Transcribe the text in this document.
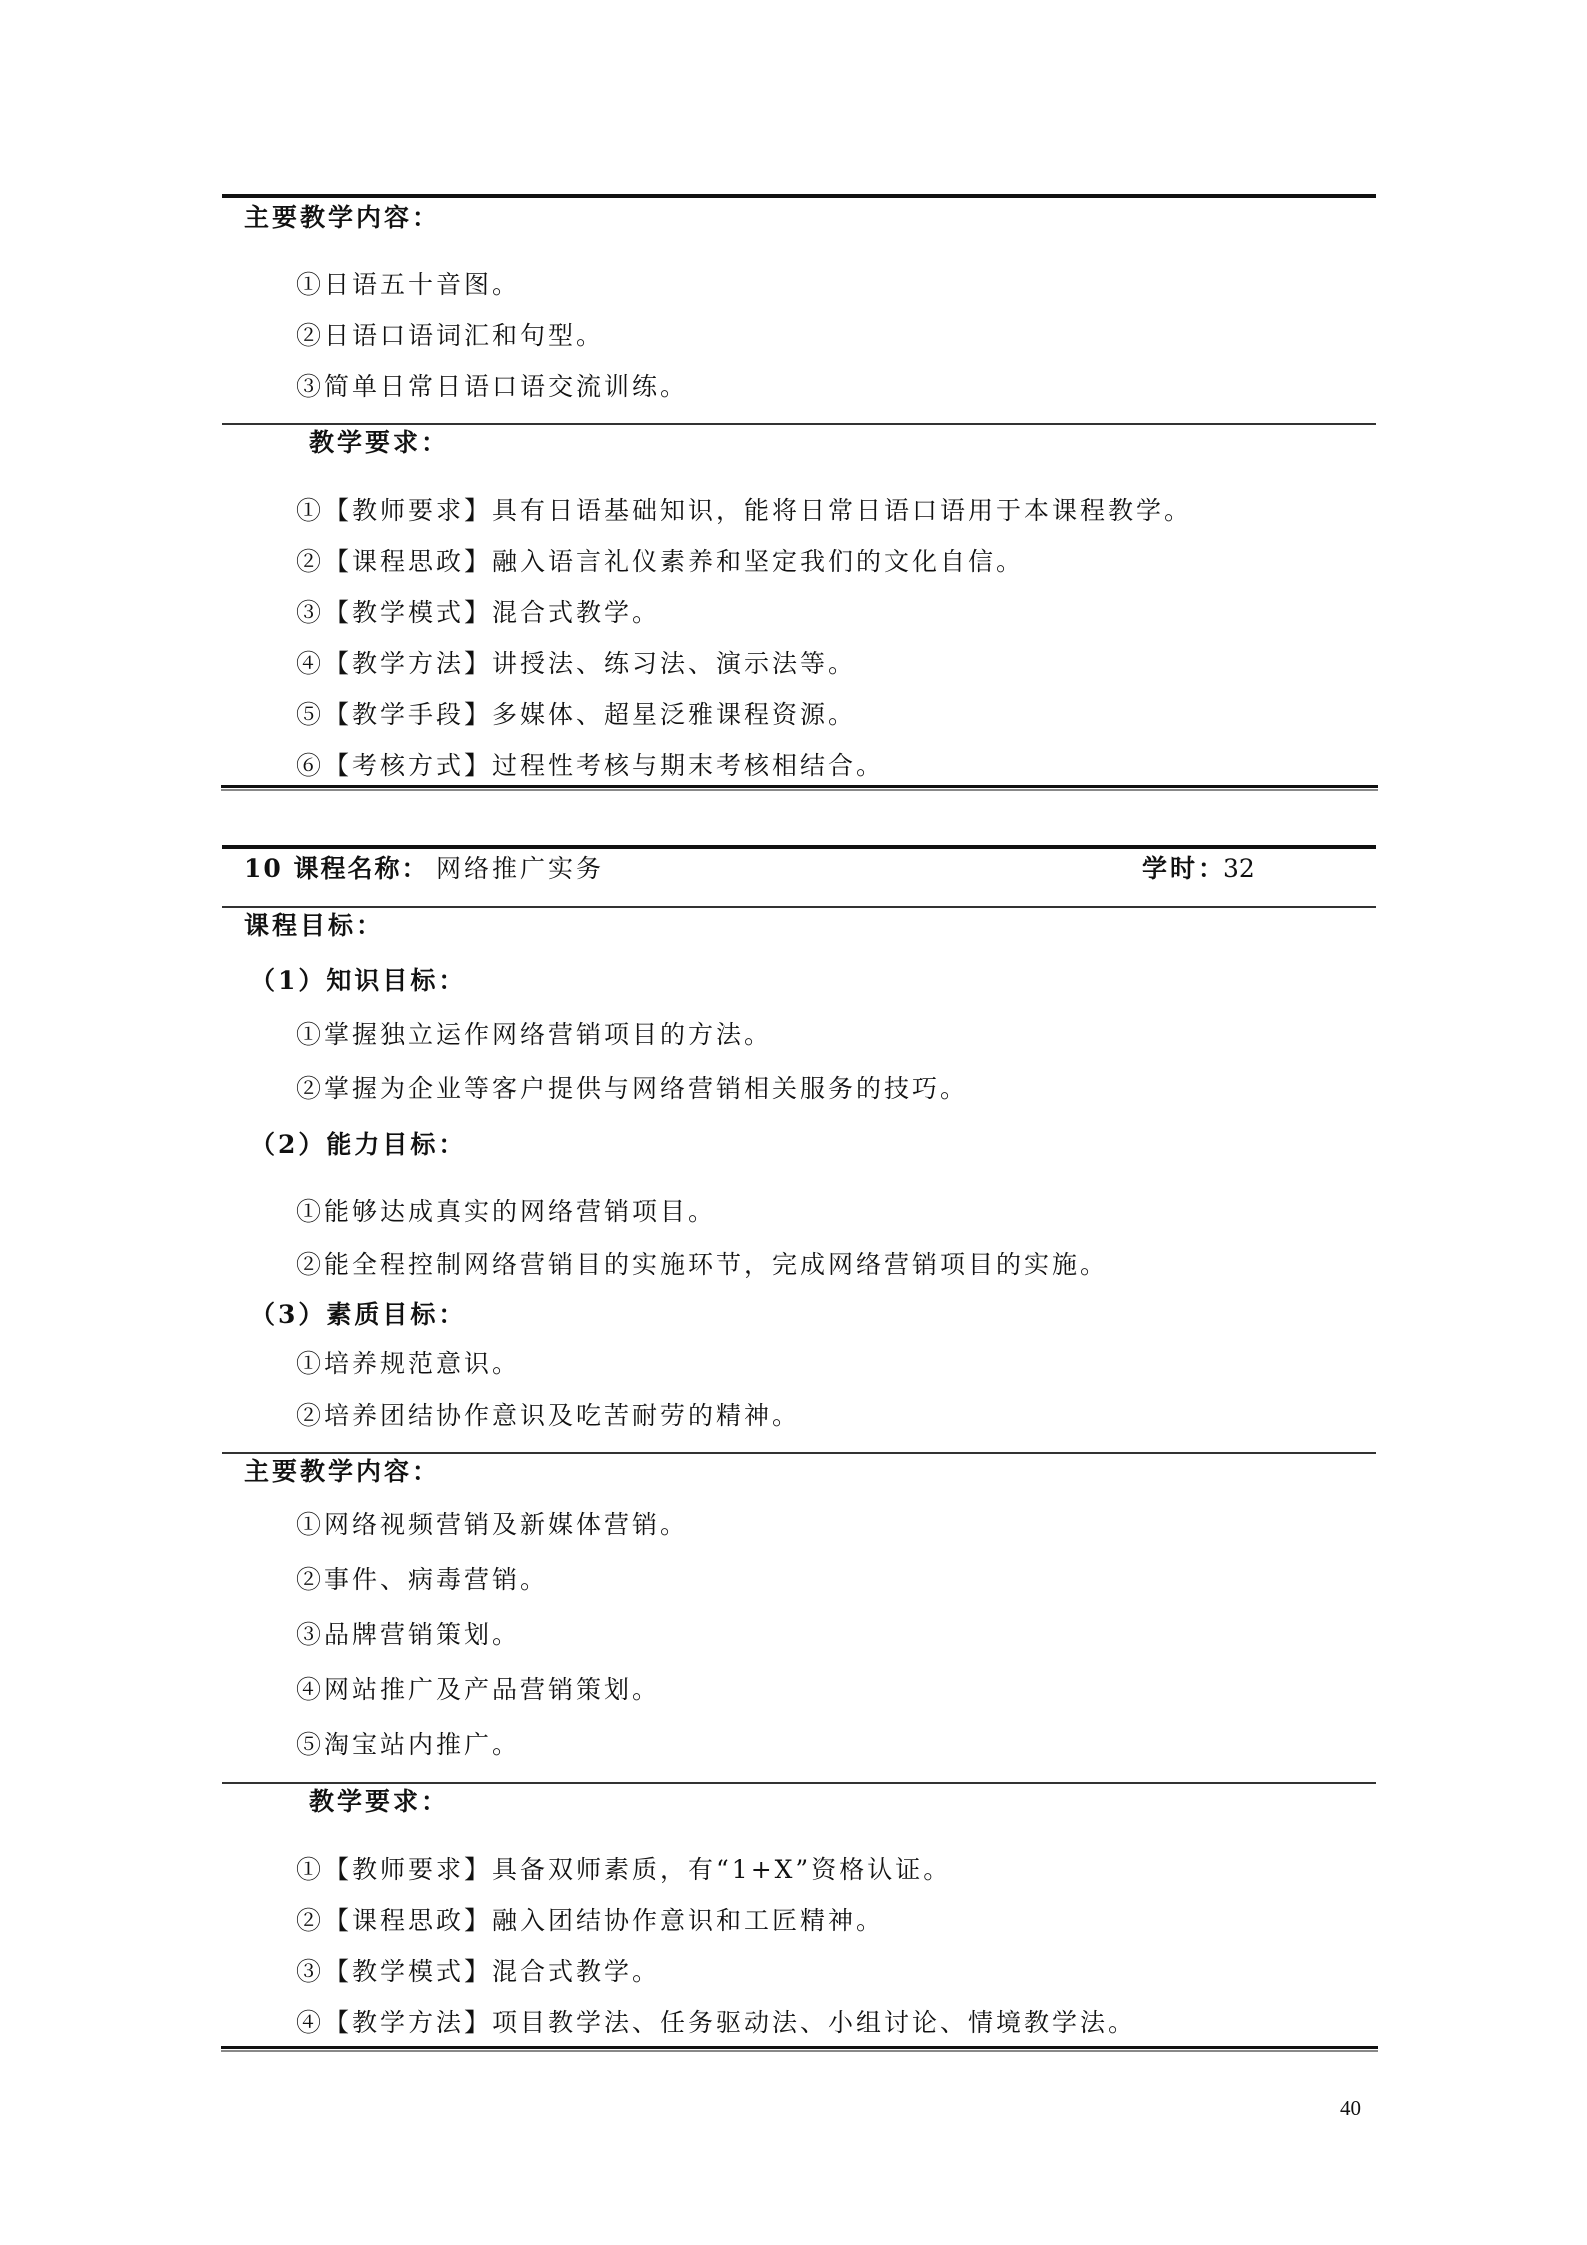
主要教学内容：
①日语五十音图。
②日语口语词汇和句型。
③简单日常日语口语交流训练。
教学要求：
①【教师要求】具有日语基础知识，能将日常日语口语用于本课程教学。
②【课程思政】融入语言礼仪素养和坚定我们的文化自信。
③【教学模式】混合式教学。
④【教学方法】讲授法、练习法、演示法等。
⑤【教学手段】多媒体、超星泛雅课程资源。
⑥【考核方式】过程性考核与期末考核相结合。
10 课程名称： 网络推广实务	学时：
32
课程目标：
（1）知识目标：
①掌握独立运作网络营销项目的方法。
②掌握为企业等客户提供与网络营销相关服务的技巧。
（2）能力目标：
①能够达成真实的网络营销项目。
②能全程控制网络营销目的实施环节，完成网络营销项目的实施。
（3）素质目标：
①培养规范意识。
②培养团结协作意识及吃苦耐劳的精神。
主要教学内容：
①网络视频营销及新媒体营销。
②事件、病毒营销。
③品牌营销策划。
④网站推广及产品营销策划。
⑤淘宝站内推广。
教学要求：
①【教师要求】具备双师素质，有“1+X”资格认证。
②【课程思政】融入团结协作意识和工匠精神。
③【教学模式】混合式教学。
④【教学方法】项目教学法、任务驱动法、小组讨论、情境教学法。
40
